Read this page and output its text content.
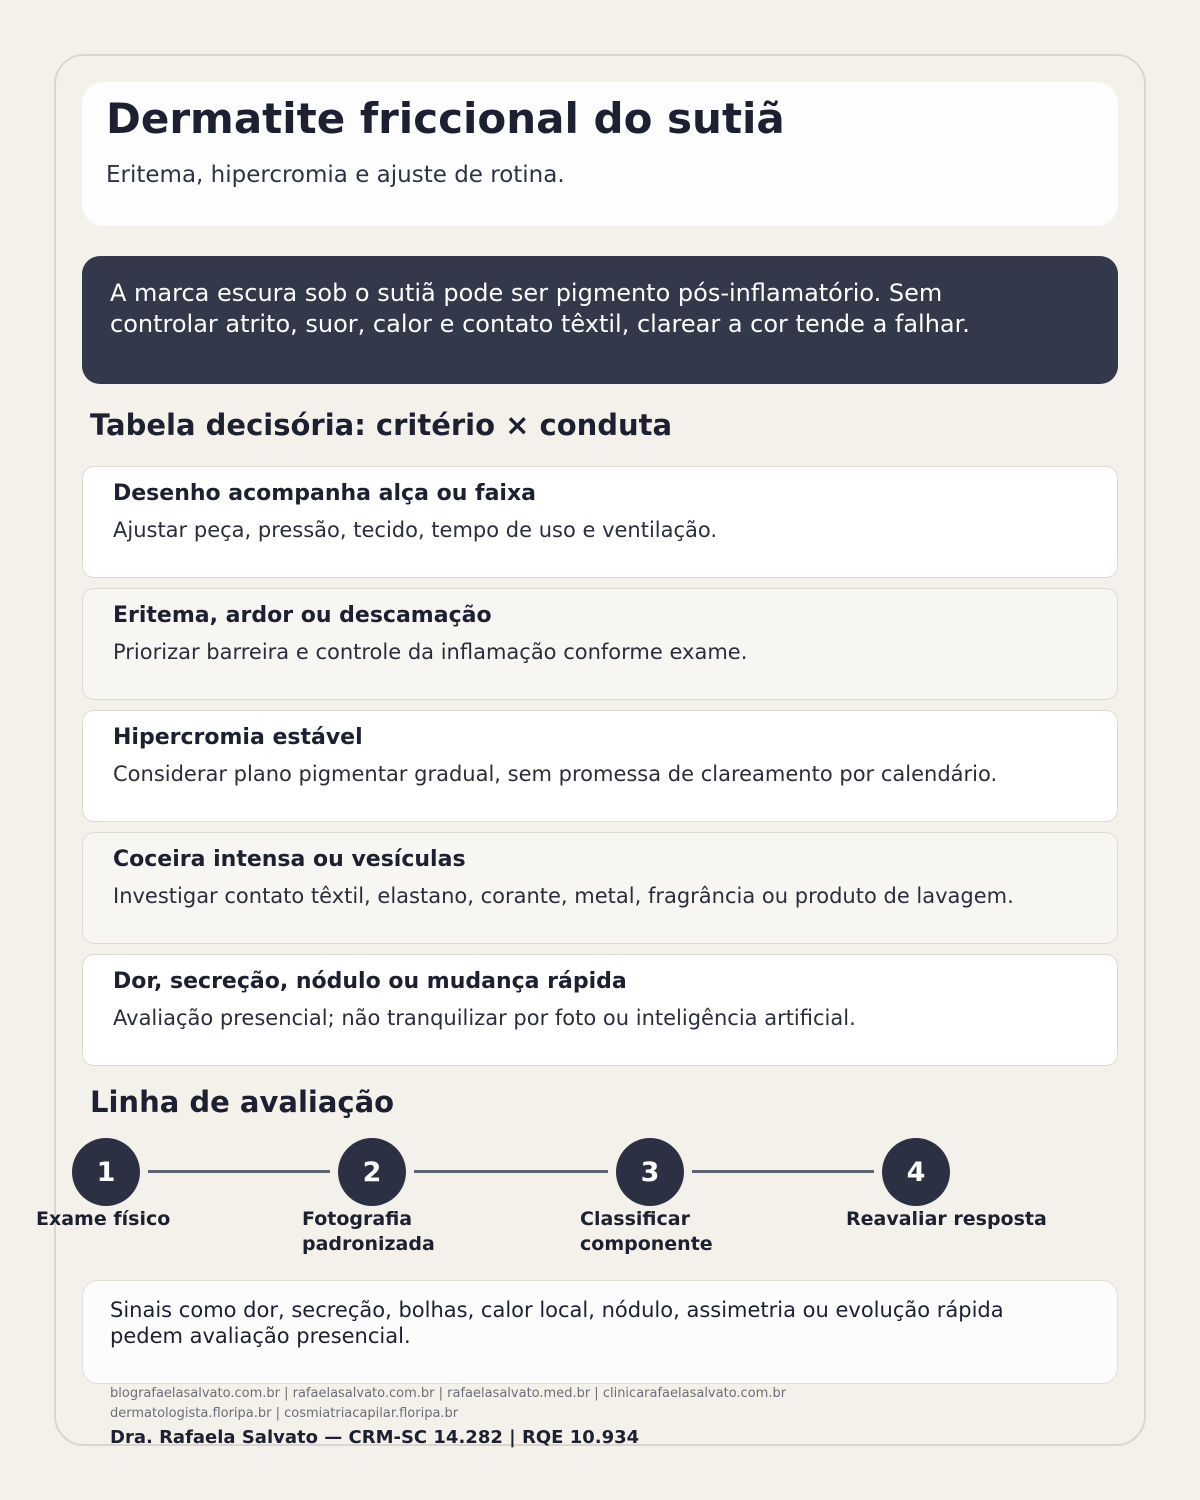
Dermatite friccional do sutiã
Eritema, hipercromia e ajuste de rotina.
A marca escura sob o sutiã pode ser pigmento pós-inflamatório. Sem controlar atrito, suor, calor e contato têxtil, clarear a cor tende a falhar.
Tabela decisória: critério × conduta
Desenho acompanha alça ou faixa
Ajustar peça, pressão, tecido, tempo de uso e ventilação.
Eritema, ardor ou descamação
Priorizar barreira e controle da inflamação conforme exame.
Hipercromia estável
Considerar plano pigmentar gradual, sem promessa de clareamento por calendário.
Coceira intensa ou vesículas
Investigar contato têxtil, elastano, corante, metal, fragrância ou produto de lavagem.
Dor, secreção, nódulo ou mudança rápida
Avaliação presencial; não tranquilizar por foto ou inteligência artificial.
Linha de avaliação
1	2	3	4
Exame físico	Fotografia padronizada
Classificar componente
Reavaliar resposta
Sinais como dor, secreção, bolhas, calor local, nódulo, assimetria ou evolução rápida pedem avaliação presencial.
blografaelasalvato.com.br | rafaelasalvato.com.br | rafaelasalvato.med.br | clinicarafaelasalvato.com.br
dermatologista.floripa.br | cosmiatriacapilar.floripa.br
Dra. Rafaela Salvato — CRM-SC 14.282 | RQE 10.934
